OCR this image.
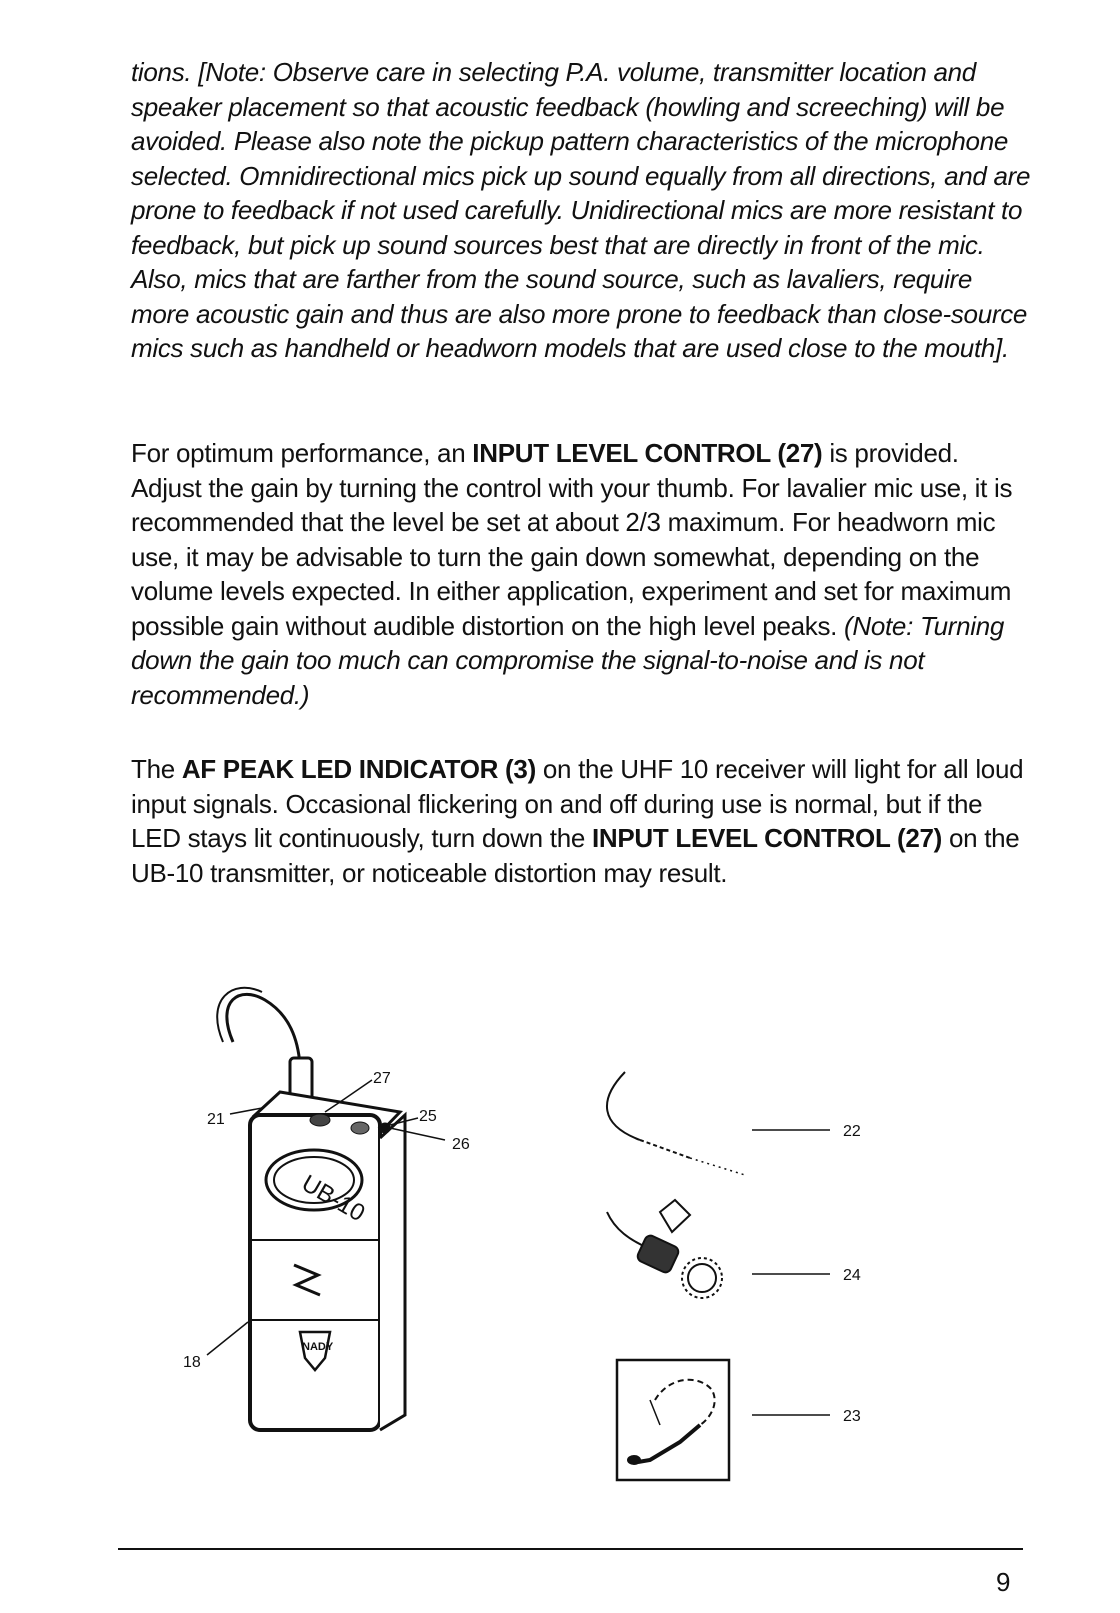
tions. [Note: Observe care in selecting P.A. volume, transmitter location and speaker placement so that acoustic feedback (howling and screeching) will be avoided. Please also note the pickup pattern characteristics of the microphone selected. Omnidirectional mics pick up sound equally from all directions, and are prone to feedback if not used carefully. Unidirectional mics are more resistant to feedback, but pick up sound sources best that are directly in front of the mic. Also, mics that are farther from the sound source, such as lavaliers, require more acoustic gain and thus are also more prone to feedback than close-source mics such as handheld or headworn models that are used close to the mouth].

For optimum performance, an INPUT LEVEL CONTROL (27) is provided. Adjust the gain by turning the control with your thumb. For lavalier mic use, it is recommended that the level be set at about 2/3 maximum. For headworn mic use, it may be advisable to turn the gain down somewhat, depending on the volume levels expected. In either application, experiment and set for maximum possible gain without audible distortion on the high level peaks. (Note: Turning down the gain too much can compromise the signal-to-noise and is not recommended.)

The AF PEAK LED INDICATOR (3) on the UHF 10 receiver will light for all loud input signals. Occasional flickering on and off during use is normal, but if the LED stays lit continuously, turn down the INPUT LEVEL CONTROL (27) on the UB-10 transmitter, or noticeable distortion may result.

UB-10
NADY
27
21	25
26
18
22
24
23
9
